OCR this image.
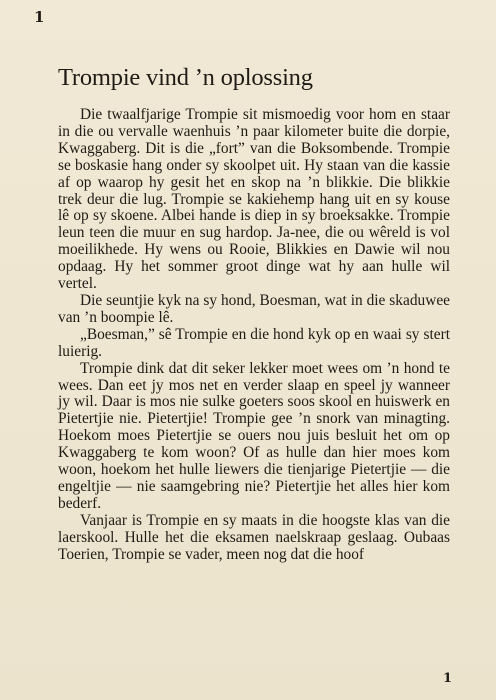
1
Trompie vind ’n oplossing

Die twaalfjarige Trompie sit mismoedig voor hom en staar in die ou vervalle waenhuis ’n paar kilometer buite die dorpie, Kwaggaberg. Dit is die „fort” van die Boksombende. Trompie se boskasie hang onder sy skoolpet uit. Hy staan van die kassie af op waarop hy gesit het en skop na ’n blikkie. Die blikkie trek deur die lug. Trompie se kakiehemp hang uit en sy kouse lê op sy skoene. Albei hande is diep in sy broeksakke. Trompie leun teen die muur en sug hardop. Ja-nee, die ou wêreld is vol moeilikhede. Hy wens ou Rooie, Blikkies en Dawie wil nou opdaag. Hy het sommer groot dinge wat hy aan hulle wil vertel.

Die seuntjie kyk na sy hond, Boesman, wat in die skaduwee van ’n boompie lê.

„Boesman,” sê Trompie en die hond kyk op en waai sy stert luierig.

Trompie dink dat dit seker lekker moet wees om ’n hond te wees. Dan eet jy mos net en verder slaap en speel jy wanneer jy wil. Daar is mos nie sulke goeters soos skool en huiswerk en Pietertjie nie. Pietertjie! Trompie gee ’n snork van minagting. Hoekom moes Pietertjie se ouers nou juis besluit het om op Kwaggaberg te kom woon? Of as hulle dan hier moes kom woon, hoekom het hulle liewers die tienjarige Pietertjie — die engeltjie — nie saamgebring nie? Pietertjie het alles hier kom bederf.

Vanjaar is Trompie en sy maats in die hoogste klas van die laerskool. Hulle het die eksamen naelskraap geslaag. Oubaas Toerien, Trompie se vader, meen nog dat die hoof

1
